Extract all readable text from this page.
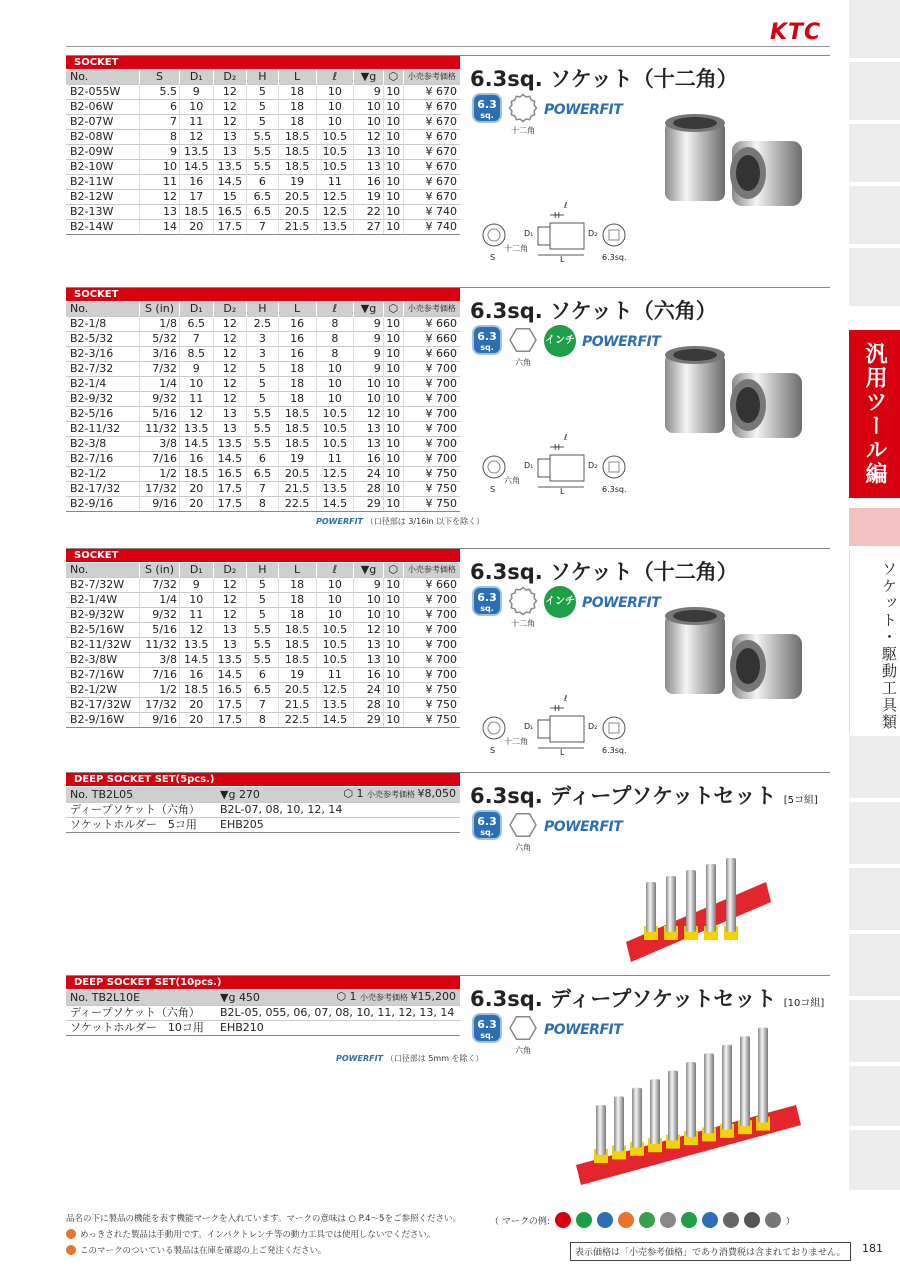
KTC
汎用ツール編
ソケット・駆動工具類
SOCKET
No.	S	D₁	D₂	H	L	ℓ	▼g	⬡	小売参考価格
B2-055W	5.5	9	12	5	18	10	9	10	¥ 670
B2-06W	6	10	12	5	18	10	10	10	¥ 670
B2-07W	7	11	12	5	18	10	10	10	¥ 670
B2-08W	8	12	13	5.5	18.5	10.5	12	10	¥ 670
B2-09W	9	13.5	13	5.5	18.5	10.5	13	10	¥ 670
B2-10W	10	14.5	13.5	5.5	18.5	10.5	13	10	¥ 670
B2-11W	11	16	14.5	6	19	11	16	10	¥ 670
B2-12W	12	17	15	6.5	20.5	12.5	19	10	¥ 670
B2-13W	13	18.5	16.5	6.5	20.5	12.5	22	10	¥ 740
B2-14W	14	20	17.5	7	21.5	13.5	27	10	¥ 740
6.3sq. ソケット（十二角）
6.3
sq.
十二角
POWERFIT
S
D₁
H
ℓ
十二角
L
D₂
6.3sq.
SOCKET
No.	S (in)	D₁	D₂	H	L	ℓ	▼g	⬡	小売参考価格
B2-1/8	1/8	6.5	12	2.5	16	8	9	10	¥ 660
B2-5/32	5/32	7	12	3	16	8	9	10	¥ 660
B2-3/16	3/16	8.5	12	3	16	8	9	10	¥ 660
B2-7/32	7/32	9	12	5	18	10	9	10	¥ 700
B2-1/4	1/4	10	12	5	18	10	10	10	¥ 700
B2-9/32	9/32	11	12	5	18	10	10	10	¥ 700
B2-5/16	5/16	12	13	5.5	18.5	10.5	12	10	¥ 700
B2-11/32	11/32	13.5	13	5.5	18.5	10.5	13	10	¥ 700
B2-3/8	3/8	14.5	13.5	5.5	18.5	10.5	13	10	¥ 700
B2-7/16	7/16	16	14.5	6	19	11	16	10	¥ 700
B2-1/2	1/2	18.5	16.5	6.5	20.5	12.5	24	10	¥ 750
B2-17/32	17/32	20	17.5	7	21.5	13.5	28	10	¥ 750
B2-9/16	9/16	20	17.5	8	22.5	14.5	29	10	¥ 750
6.3sq. ソケット（六角）
6.3
sq.
六角
インチ POWERFIT
S
D₁
H
ℓ
六角
L
D₂
6.3sq.
POWERFIT （口径部は 3/16in 以下を除く）
SOCKET
No.	S (in)	D₁	D₂	H	L	ℓ	▼g	⬡	小売参考価格
B2-7/32W	7/32	9	12	5	18	10	9	10	¥ 660
B2-1/4W	1/4	10	12	5	18	10	10	10	¥ 700
B2-9/32W	9/32	11	12	5	18	10	10	10	¥ 700
B2-5/16W	5/16	12	13	5.5	18.5	10.5	12	10	¥ 700
B2-11/32W	11/32	13.5	13	5.5	18.5	10.5	13	10	¥ 700
B2-3/8W	3/8	14.5	13.5	5.5	18.5	10.5	13	10	¥ 700
B2-7/16W	7/16	16	14.5	6	19	11	16	10	¥ 700
B2-1/2W	1/2	18.5	16.5	6.5	20.5	12.5	24	10	¥ 750
B2-17/32W	17/32	20	17.5	7	21.5	13.5	28	10	¥ 750
B2-9/16W	9/16	20	17.5	8	22.5	14.5	29	10	¥ 750
6.3sq. ソケット（十二角）
6.3
sq.
十二角
インチ POWERFIT
S
D₁
H
ℓ
十二角
L
D₂
6.3sq.
DEEP SOCKET SET(5pcs.)
No. TB2L05	▼g 270	⬡ 1 小売参考価格 ¥8,050
ディープソケット（六角）	B2L-07, 08, 10, 12, 14	
ソケットホルダー　5コ用	EHB205	
6.3sq. ディープソケットセット [5コ組]
6.3
sq.
六角
POWERFIT
DEEP SOCKET SET(10pcs.)
No. TB2L10E	▼g 450	⬡ 1 小売参考価格 ¥15,200
ディープソケット（六角）	B2L-05, 055, 06, 07, 08, 10, 11, 12, 13, 14	
ソケットホルダー　10コ用	EHB210	
6.3sq. ディープソケットセット [10コ組]
6.3
sq.
六角
POWERFIT
POWERFIT （口径部は 5mm を除く）
品名の下に製品の機能を表す機能マークを入れています。マークの意味は ○ P.4～5をご参照ください。
めっきされた製品は手動用です。インパクトレンチ等の動力工具では使用しないでください。
このマークのついている製品は在庫を確認の上ご発注ください。
（ マークの例:	）
表示価格は「小売参考価格」であり消費税は含まれておりません。	181
